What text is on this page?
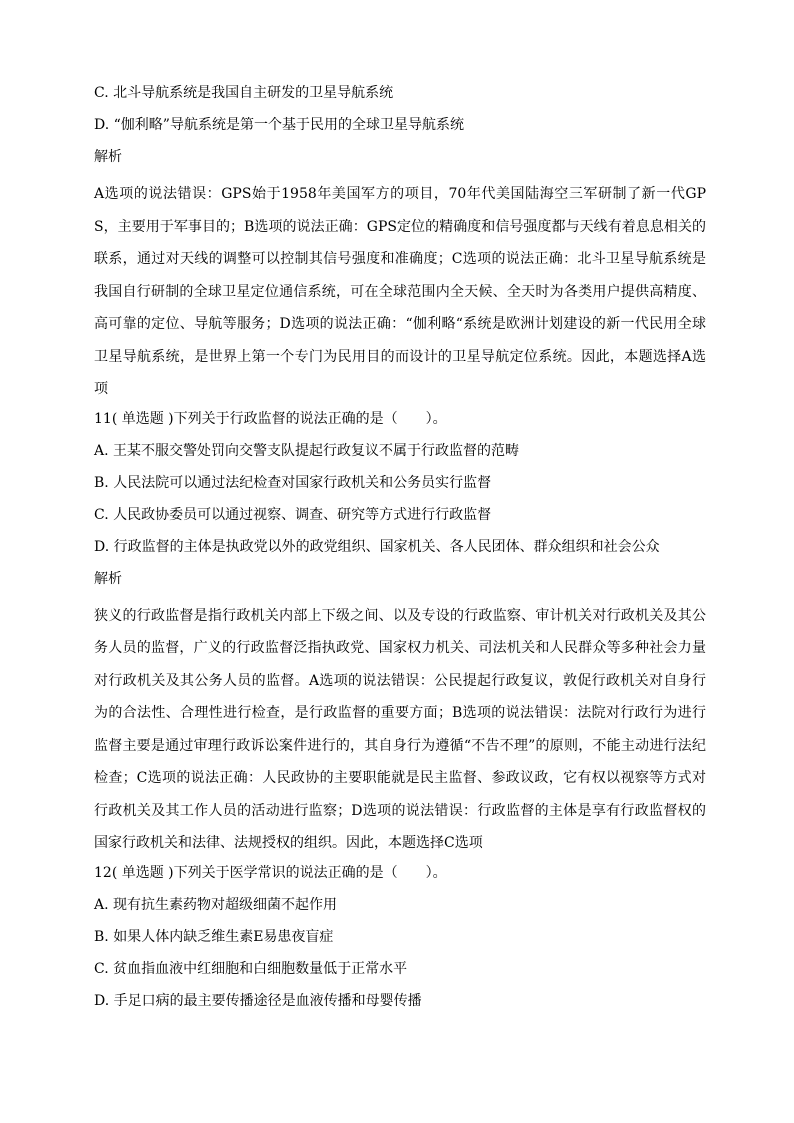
C. 北斗导航系统是我国自主研发的卫星导航系统
D. “伽利略”导航系统是第一个基于民用的全球卫星导航系统
解析
A选项的说法错误：GPS始于1958年美国军方的项目，70年代美国陆海空三军研制了新一代GPS，主要用于军事目的；B选项的说法正确：GPS定位的精确度和信号强度都与天线有着息息相关的联系，通过对天线的调整可以控制其信号强度和准确度；C选项的说法正确：北斗卫星导航系统是我国自行研制的全球卫星定位通信系统，可在全球范围内全天候、全天时为各类用户提供高精度、高可靠的定位、导航等服务；D选项的说法正确：“伽利略“系统是欧洲计划建设的新一代民用全球卫星导航系统，是世界上第一个专门为民用目的而设计的卫星导航定位系统。因此，本题选择A选项
11( 单选题 )下列关于行政监督的说法正确的是（　　）。
A. 王某不服交警处罚向交警支队提起行政复议不属于行政监督的范畴
B. 人民法院可以通过法纪检查对国家行政机关和公务员实行监督
C. 人民政协委员可以通过视察、调查、研究等方式进行行政监督
D. 行政监督的主体是执政党以外的政党组织、国家机关、各人民团体、群众组织和社会公众
解析
狭义的行政监督是指行政机关内部上下级之间、以及专设的行政监察、审计机关对行政机关及其公务人员的监督，广义的行政监督泛指执政党、国家权力机关、司法机关和人民群众等多种社会力量对行政机关及其公务人员的监督。A选项的说法错误：公民提起行政复议，敦促行政机关对自身行为的合法性、合理性进行检查，是行政监督的重要方面；B选项的说法错误：法院对行政行为进行监督主要是通过审理行政诉讼案件进行的，其自身行为遵循“不告不理”的原则，不能主动进行法纪检查；C选项的说法正确：人民政协的主要职能就是民主监督、参政议政，它有权以视察等方式对行政机关及其工作人员的活动进行监察；D选项的说法错误：行政监督的主体是享有行政监督权的国家行政机关和法律、法规授权的组织。因此，本题选择C选项
12( 单选题 )下列关于医学常识的说法正确的是（　　）。
A. 现有抗生素药物对超级细菌不起作用
B. 如果人体内缺乏维生素E易患夜盲症
C. 贫血指血液中红细胞和白细胞数量低于正常水平
D. 手足口病的最主要传播途径是血液传播和母婴传播
